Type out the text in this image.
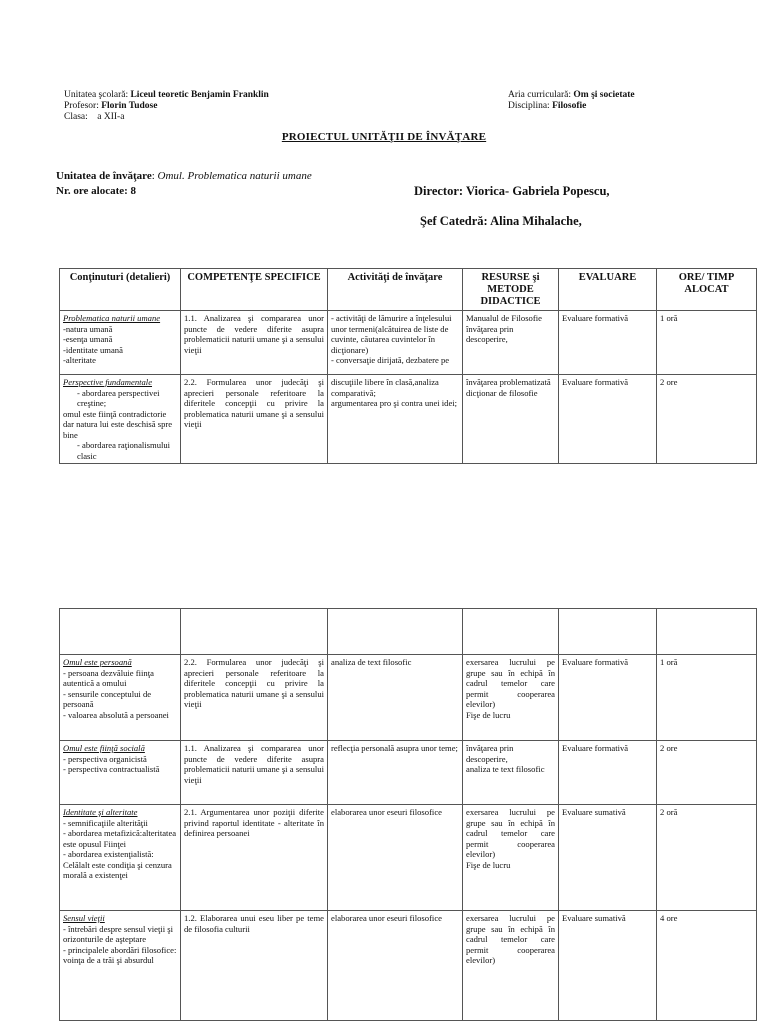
Unitatea şcolară: Liceul teoretic Benjamin Franklin
Profesor: Florin Tudose
Clasa: a XII-a
Aria curriculară: Om şi societate
Disciplina: Filosofie
PROIECTUL UNITĂŢII DE ÎNVĂŢARE
Unitatea de învăţare: Omul. Problematica naturii umane
Nr. ore alocate: 8	Director: Viorica- Gabriela Popescu,
Şef Catedră: Alina Mihalache,
Conţinuturi (detalieri)	COMPETENŢE SPECIFICE	Activităţi de învăţare	RESURSE şi METODE DIDACTICE	EVALUARE	ORE/ TIMP ALOCAT

Problematica naturii umane
-natura umană
-esenţa umană
-identitate umană
-alteritate	1.1. Analizarea şi compararea unor puncte de vedere diferite asupra problematicii naturii umane şi a sensului vieţii	- activităţi de lămurire a înţelesului unor termeni(alcătuirea de liste de cuvinte, căutarea cuvintelor în dicţionare)
- conversaţie dirijată, dezbatere pe	Manualul de Filosofie
învăţarea prin descoperire,	Evaluare formativă	1 oră

Perspective fundamentale
- abordarea perspectivei creştine;
omul este fiinţă contradictorie dar natura lui este deschisă spre bine
- abordarea raţionalismului clasic	2.2. Formularea unor judecăţi şi aprecieri personale referitoare la diferitele concepţii cu privire la problematica naturii umane şi a sensului vieţii	discuţiile libere în clasă,analiza comparativă;
argumentarea pro şi contra unei idei;	învăţarea problematizată
dicţionar de filosofie	Evaluare formativă	2 ore

Omul este persoană
- persoana dezvăluie fiinţa autentică a omului
- sensurile conceptului de persoană
- valoarea absolută a persoanei	2.2. Formularea unor judecăţi şi aprecieri personale referitoare la diferitele concepţii cu privire la problematica naturii umane şi a sensului vieţii	analiza de text filosofic	exersarea lucrului pe grupe sau în echipă în cadrul temelor care permit cooperarea elevilor)
Fişe de lucru	Evaluare formativă	1 oră

Omul este fiinţă socială
- perspectiva organicistă
- perspectiva contractualistă	1.1. Analizarea şi compararea unor puncte de vedere diferite asupra problematicii naturii umane şi a sensului vieţii	reflecţia personală asupra unor teme;	învăţarea prin descoperire,
analiza te text filosofic	Evaluare formativă	2 ore

Identitate şi alteritate
- semnificaţiile alterităţii
- abordarea metafizică:alteritatea este opusul Fiinţei
- abordarea existenţialistă: Celălalt este condiţia şi cenzura morală a existenţei	2.1. Argumentarea unor poziţii diferite privind raportul identitate - alteritate în definirea persoanei	elaborarea unor eseuri filosofice	exersarea lucrului pe grupe sau în echipă în cadrul temelor care permit cooperarea elevilor)
Fişe de lucru	Evaluare sumativă	2 oră

Sensul vieţii
- întrebări despre sensul vieţii şi orizonturile de aşteptare
- principalele abordări filosofice: voinţa de a trăi şi absurdul	1.2. Elaborarea unui eseu liber pe teme de filosofia culturii	elaborarea unor eseuri filosofice	exersarea lucrului pe grupe sau în echipă în cadrul temelor care permit cooperarea elevilor)	Evaluare sumativă	4 ore
